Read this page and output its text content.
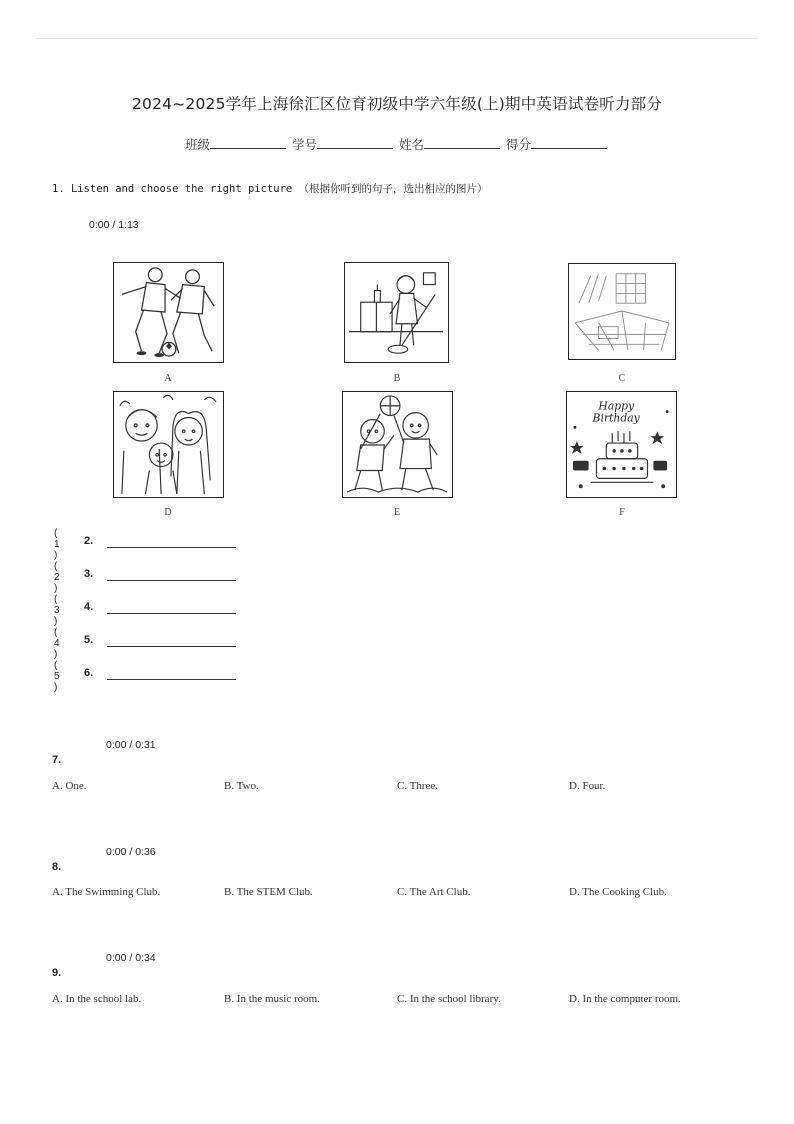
2024~2025学年上海徐汇区位育初级中学六年级(上)期中英语试卷听力部分
班级	学号	姓名	得分
1. Listen and choose the right picture （根据你听到的句子，选出相应的图片）
0:00 / 1:13
A	B	C
D	E
Happy
Birthday
F
( 1 )
2.
( 2 )
3.
( 3 )
4.
( 4 )
5.
( 5 )
6.
0:00 / 0:31
7.
A. One.	B. Two.	C. Three.	D. Four.
0:00 / 0:36
8.
A. The Swimming Club.	B. The STEM Club.	C. The Art Club.	D. The Cooking Club.
0:00 / 0:34
9.
A. In the school lab.	B. In the music room.	C. In the school library.	D. In the computer room.
